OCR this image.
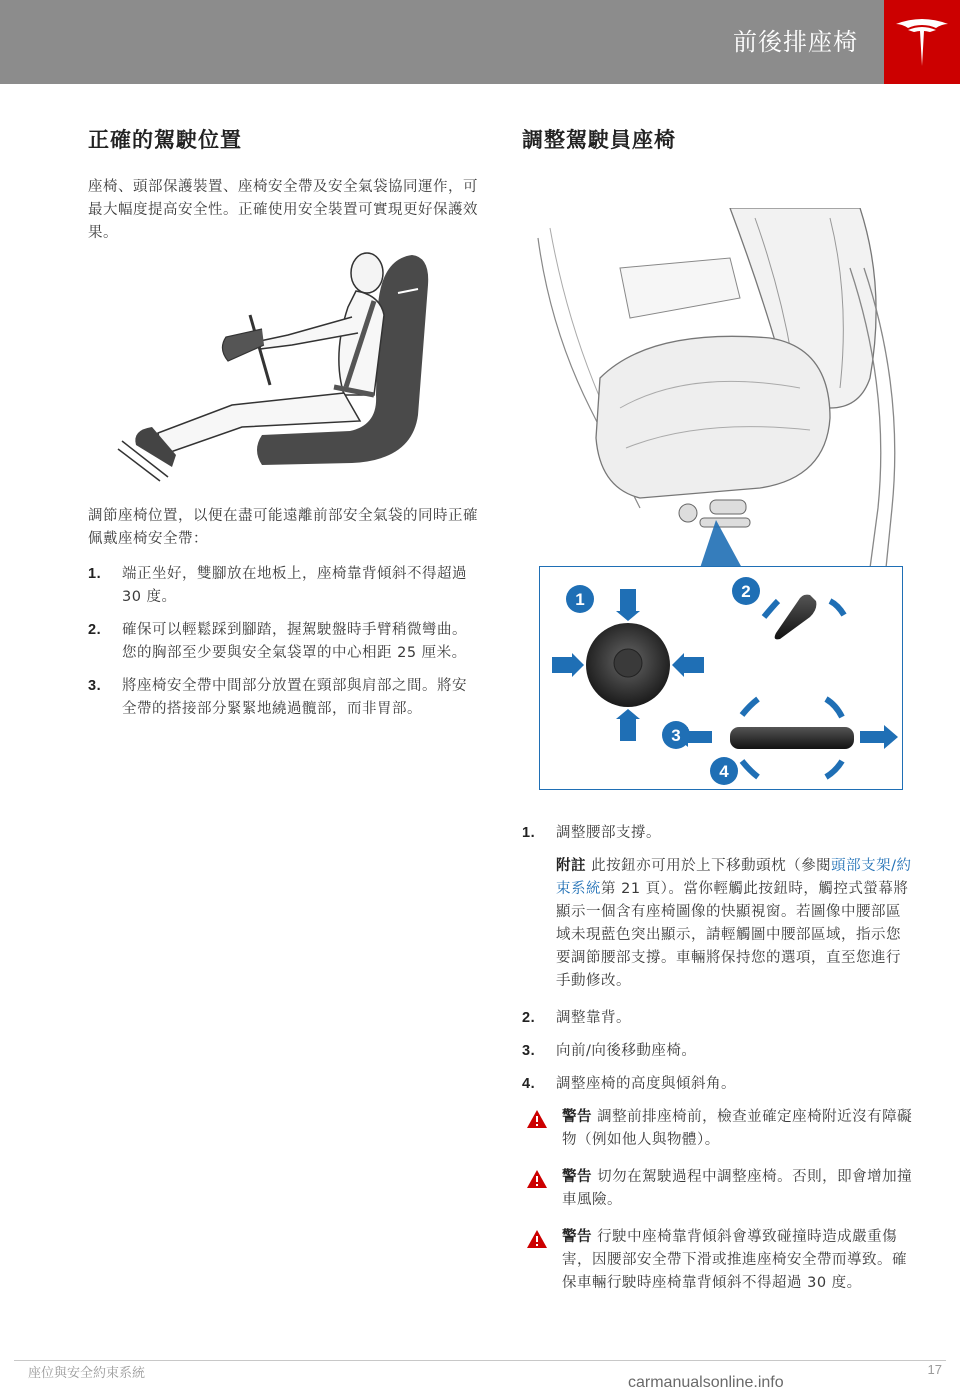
前後排座椅
正確的駕駛位置

座椅、頭部保護裝置、座椅安全帶及安全氣袋協同運作，可最大幅度提高安全性。正確使用安全裝置可實現更好保護效果。

調節座椅位置，以便在盡可能遠離前部安全氣袋的同時正確佩戴座椅安全帶：

1. 端正坐好，雙腳放在地板上，座椅靠背傾斜不得超過 30 度。
2. 確保可以輕鬆踩到腳踏，握駕駛盤時手臂稍微彎曲。您的胸部至少要與安全氣袋罩的中心相距 25 厘米。
3. 將座椅安全帶中間部分放置在頸部與肩部之間。將安全帶的搭接部分緊緊地繞過髖部，而非胃部。
調整駕駛員座椅
1	2
3
4
1. 調整腰部支撐。

附註 此按鈕亦可用於上下移動頭枕（參閱頭部支架/約束系統第 21 頁）。當你輕觸此按鈕時，觸控式螢幕將顯示一個含有座椅圖像的快顯視窗。若圖像中腰部區域未現藍色突出顯示，請輕觸圖中腰部區域，指示您要調節腰部支撐。車輛將保持您的選項，直至您進行手動修改。

2. 調整靠背。
3. 向前/向後移動座椅。
4. 調整座椅的高度與傾斜角。
警告 調整前排座椅前，檢查並確定座椅附近沒有障礙物（例如他人與物體）。
警告 切勿在駕駛過程中調整座椅。否則，即會增加撞車風險。
警告 行駛中座椅靠背傾斜會導致碰撞時造成嚴重傷害，因腰部安全帶下滑或推進座椅安全帶而導致。確保車輛行駛時座椅靠背傾斜不得超過 30 度。
座位與安全約束系統	17
carmanualsonline.info
